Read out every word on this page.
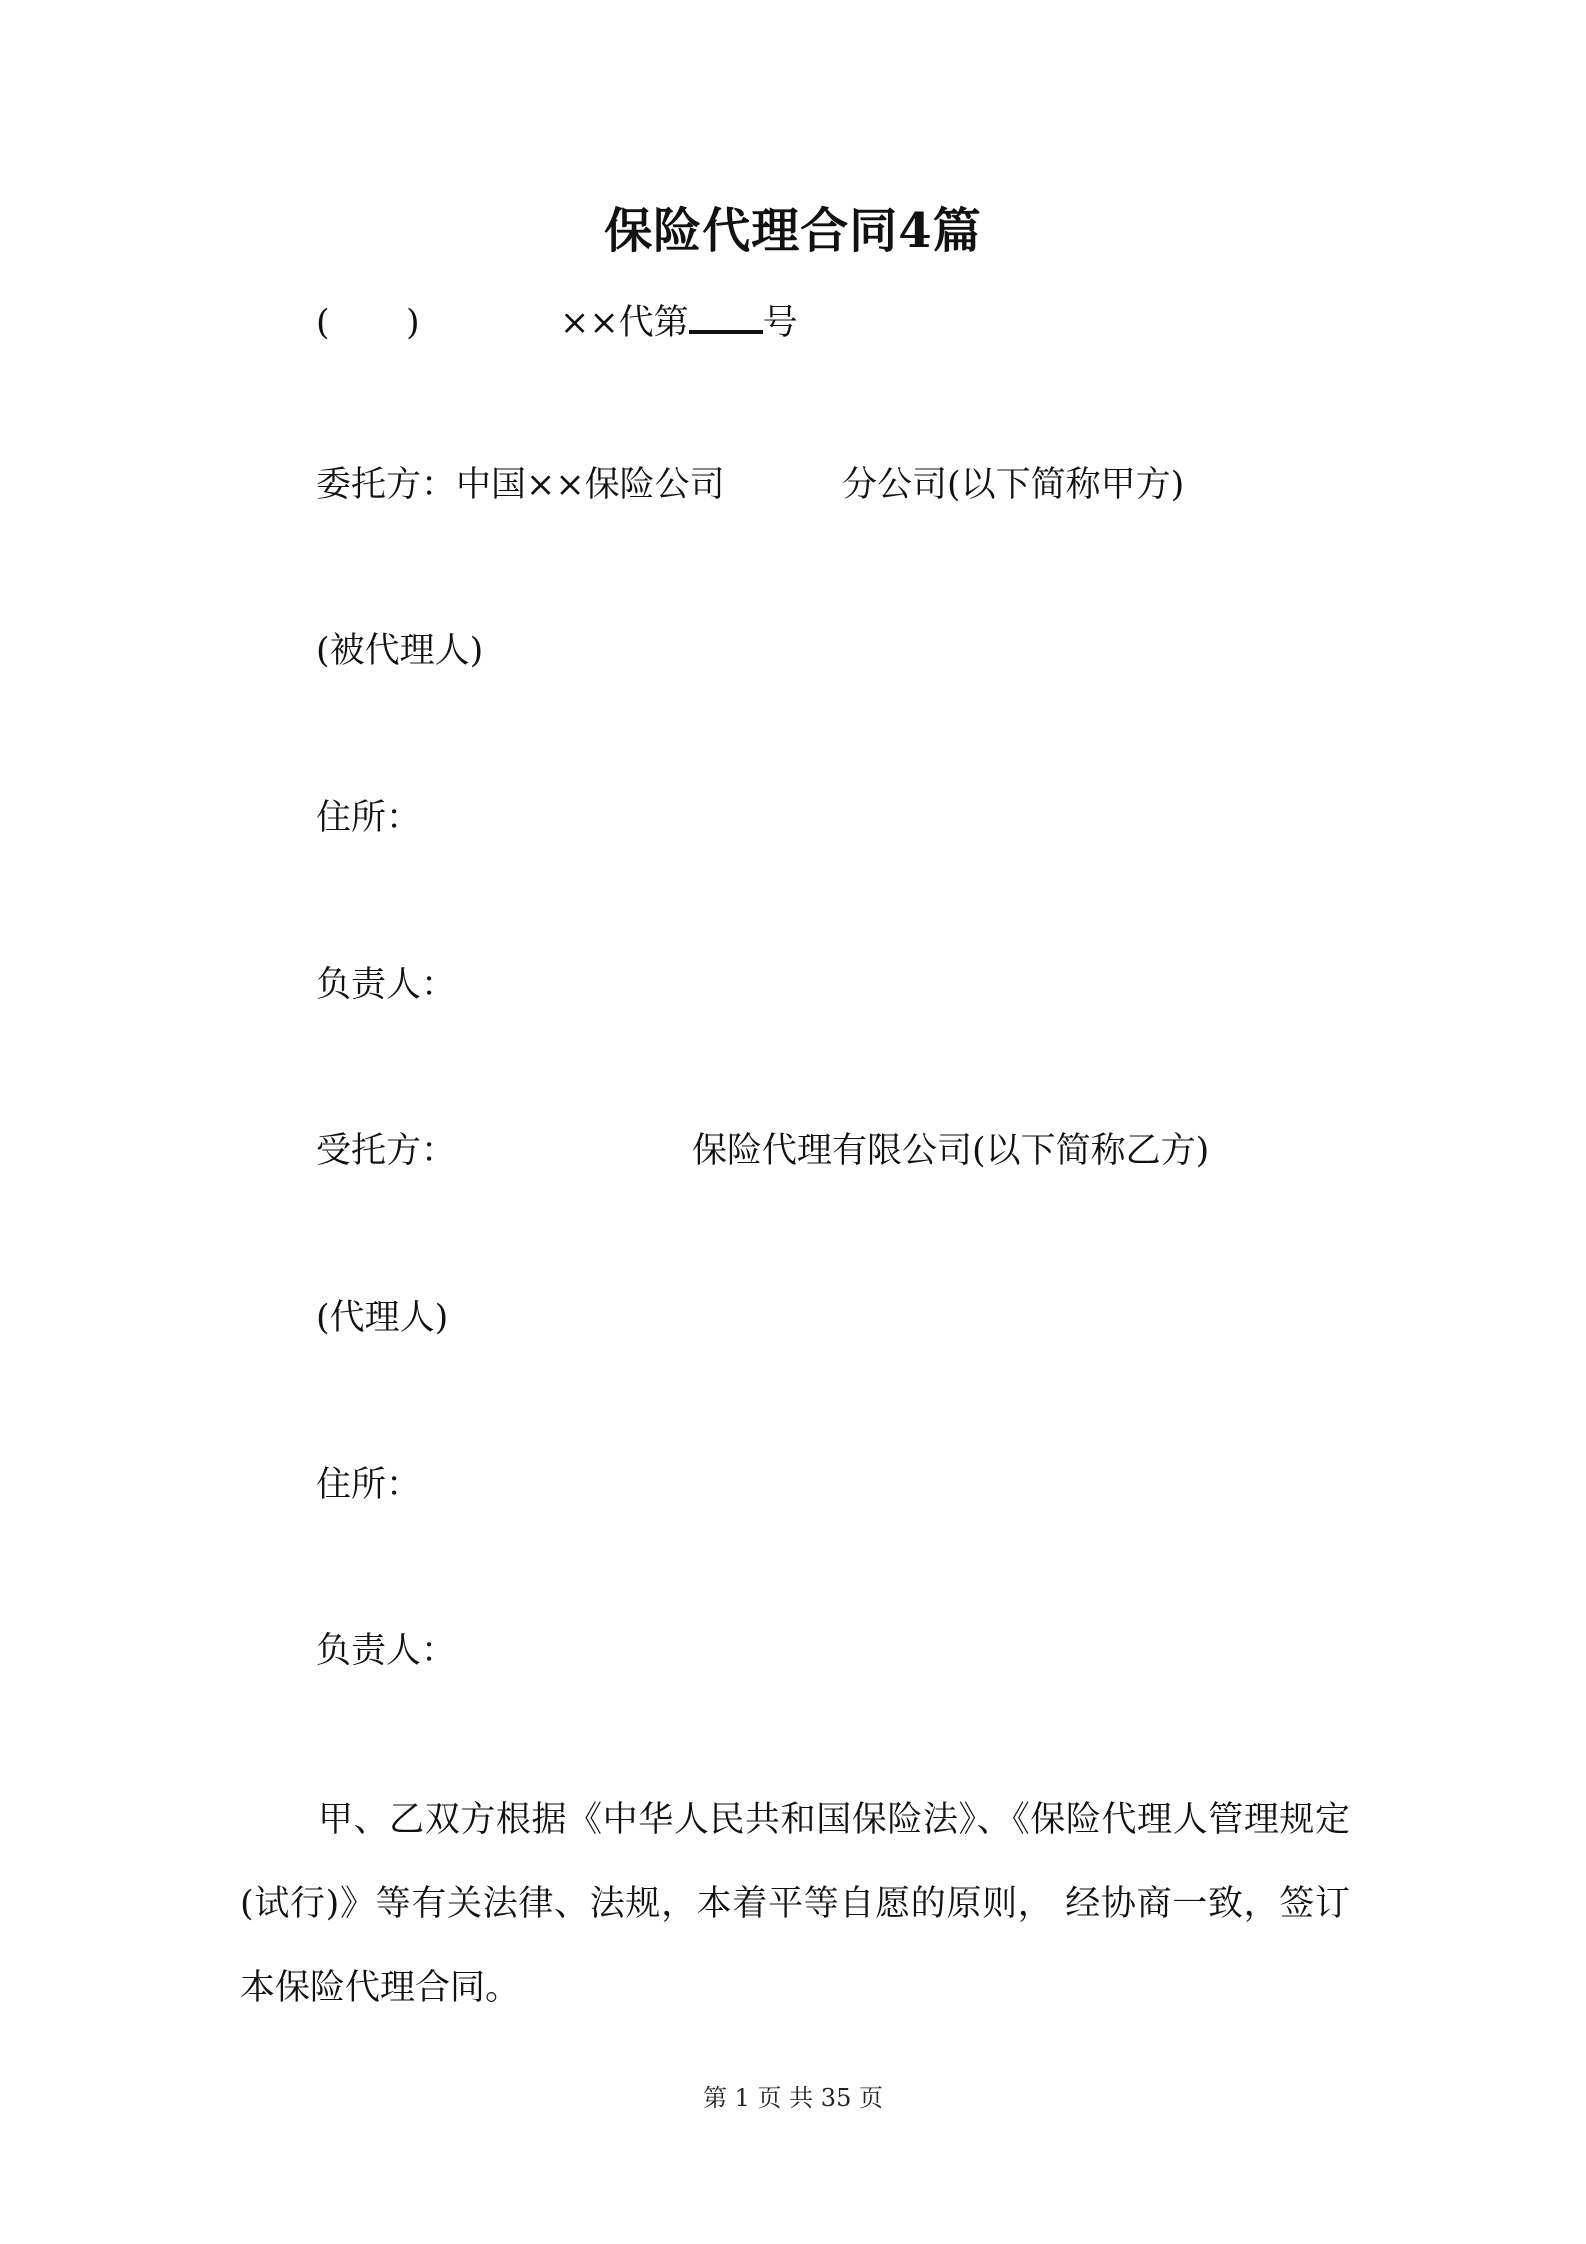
保险代理合同4篇
( )	××代第 号
委托方：中国××保险公司	分公司(以下简称甲方)
(被代理人)
住所：
负责人：
受托方：	保险代理有限公司(以下简称乙方)
(代理人)
住所：
负责人：

甲、乙双方根据《中华人民共和国保险法》、《保险代理人管理规定(试行)》等有关法律、法规，本着平等自愿的原则， 经协商一致，签订本保险代理合同。

第 1 页 共 35 页
